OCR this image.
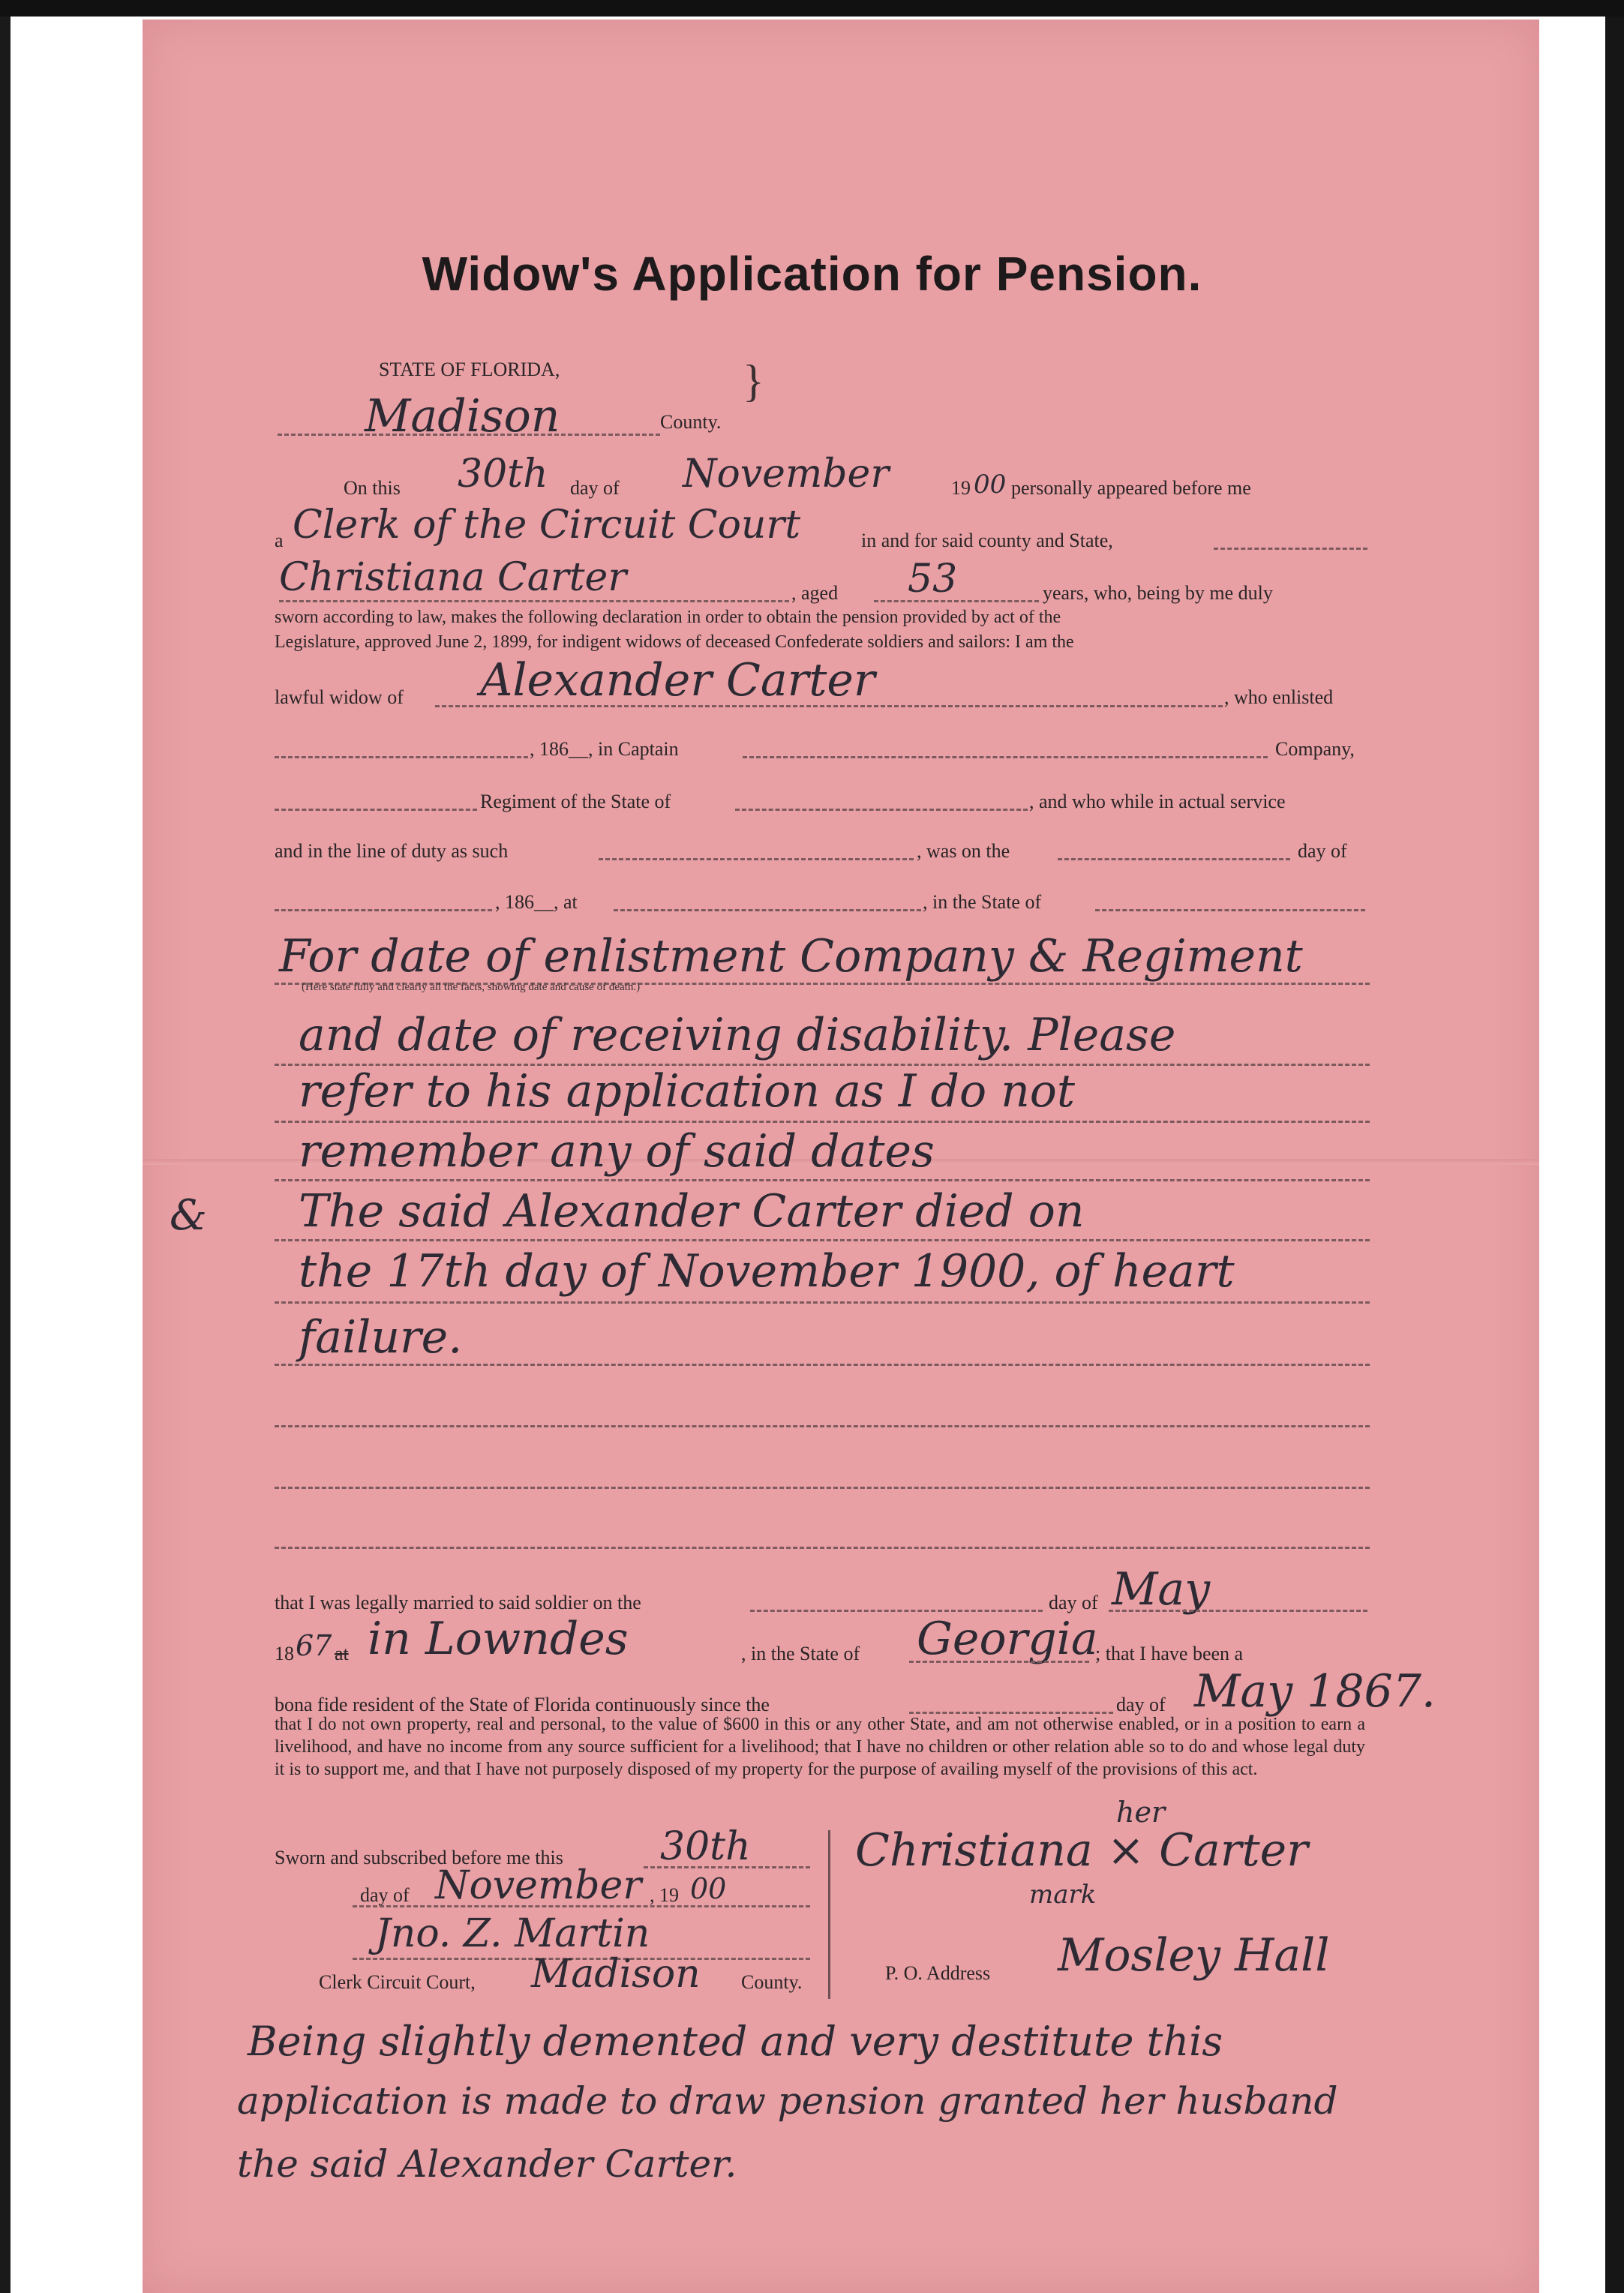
Widow's Application for Pension.
STATE OF FLORIDA,	}
Madison	County.
On this 30th day of November	19 00 personally appeared before me
a Clerk of the Circuit Court	in and for said county and State,
Christiana Carter	, aged 53	years, who, being by me duly
sworn according to law, makes the following declaration in order to obtain the pension provided by act of the
Legislature, approved June 2, 1899, for indigent widows of deceased Confederate soldiers and sailors: I am the
lawful widow of Alexander Carter	, who enlisted
, 186__, in Captain	Company,
Regiment of the State of	, and who while in actual service
and in the line of duty as such	, was on the	day of
, 186__, at	, in the State of
For date of enlistment Company & Regiment
(Here state fully and clearly all the facts, showing date and cause of death.)
and date of receiving disability. Please
refer to his application as I do not
remember any of said dates
& The said Alexander Carter died on
the 17th day of November 1900, of heart
failure.
that I was legally married to said soldier on the	day of May
18 67 at in Lowndes	, in the State of Georgia
; that I have been a
bona fide resident of the State of Florida continuously since the	day of May 1867.
that I do not own property, real and personal, to the value of $600 in this or any other State, and am not otherwise enabled, or in a position to earn a livelihood, and have no income from any source sufficient for a livelihood; that I have no children or other relation able so to do and whose legal duty it is to support me, and that I have not purposely disposed of my property for the purpose of availing myself of the provisions of this act.
Sworn and subscribed before me this 30th
day of November , 19 00
Jno. Z. Martin
Clerk Circuit Court, Madison County.
her
Christiana × Carter
mark
P. O. Address Mosley Hall
Being slightly demented and very destitute this
application is made to draw pension granted her husband
the said Alexander Carter.
